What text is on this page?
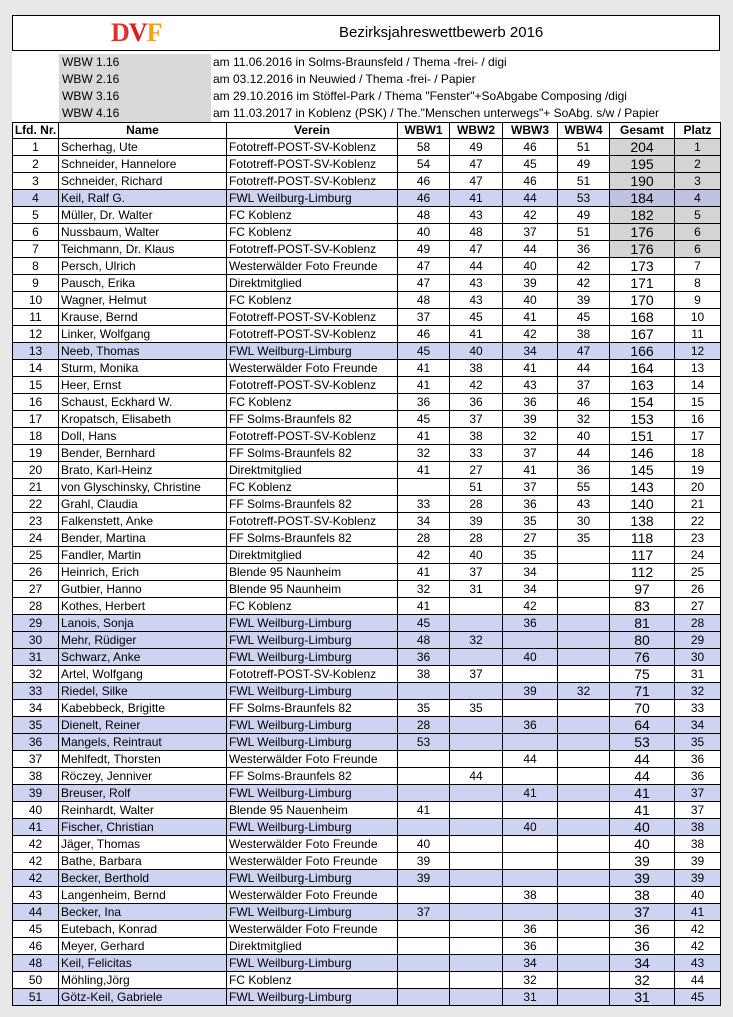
DVF	Bezirksjahreswettbewerb 2016
WBW 1.16	am 11.06.2016 in Solms-Braunsfeld / Thema -frei- / digi
WBW 2.16	am 03.12.2016 in Neuwied / Thema -frei- / Papier
WBW 3.16	am 29.10.2016 im Stöffel-Park / Thema "Fenster"+SoAbgabe Composing /digi
WBW 4.16	am 11.03.2017 in Koblenz (PSK) / The."Menschen unterwegs"+ SoAbg. s/w / Papier
Lfd. Nr.	Name	Verein	WBW1	WBW2	WBW3	WBW4	Gesamt	Platz
1	Scherhag, Ute	Fototreff-POST-SV-Koblenz	58	49	46	51	204	1
2	Schneider, Hannelore	Fototreff-POST-SV-Koblenz	54	47	45	49	195	2
3	Schneider, Richard	Fototreff-POST-SV-Koblenz	46	47	46	51	190	3
4	Keil, Ralf G.	FWL Weilburg-Limburg	46	41	44	53	184	4
5	Müller, Dr. Walter	FC Koblenz	48	43	42	49	182	5
6	Nussbaum, Walter	FC Koblenz	40	48	37	51	176	6
7	Teichmann, Dr. Klaus	Fototreff-POST-SV-Koblenz	49	47	44	36	176	6
8	Persch, Ulrich	Westerwälder Foto Freunde	47	44	40	42	173	7
9	Pausch, Erika	Direktmitglied	47	43	39	42	171	8
10	Wagner, Helmut	FC Koblenz	48	43	40	39	170	9
11	Krause, Bernd	Fototreff-POST-SV-Koblenz	37	45	41	45	168	10
12	Linker, Wolfgang	Fototreff-POST-SV-Koblenz	46	41	42	38	167	11
13	Neeb, Thomas	FWL Weilburg-Limburg	45	40	34	47	166	12
14	Sturm, Monika	Westerwälder Foto Freunde	41	38	41	44	164	13
15	Heer, Ernst	Fototreff-POST-SV-Koblenz	41	42	43	37	163	14
16	Schaust, Eckhard W.	FC Koblenz	36	36	36	46	154	15
17	Kropatsch, Elisabeth	FF Solms-Braunfels 82	45	37	39	32	153	16
18	Doll, Hans	Fototreff-POST-SV-Koblenz	41	38	32	40	151	17
19	Bender, Bernhard	FF Solms-Braunfels 82	32	33	37	44	146	18
20	Brato, Karl-Heinz	Direktmitglied	41	27	41	36	145	19
21	von Glyschinsky, Christine	FC Koblenz		51	37	55	143	20
22	Grahl, Claudia	FF Solms-Braunfels 82	33	28	36	43	140	21
23	Falkenstett, Anke	Fototreff-POST-SV-Koblenz	34	39	35	30	138	22
24	Bender, Martina	FF Solms-Braunfels 82	28	28	27	35	118	23
25	Fandler, Martin	Direktmitglied	42	40	35		117	24
26	Heinrich, Erich	Blende 95 Naunheim	41	37	34		112	25
27	Gutbier, Hanno	Blende 95 Naunheim	32	31	34		97	26
28	Kothes, Herbert	FC Koblenz	41		42		83	27
29	Lanois, Sonja	FWL Weilburg-Limburg	45		36		81	28
30	Mehr, Rüdiger	FWL Weilburg-Limburg	48	32			80	29
31	Schwarz, Anke	FWL Weilburg-Limburg	36		40		76	30
32	Artel, Wolfgang	Fototreff-POST-SV-Koblenz	38	37			75	31
33	Riedel, Silke	FWL Weilburg-Limburg			39	32	71	32
34	Kabebbeck, Brigitte	FF Solms-Braunfels 82	35	35			70	33
35	Dienelt, Reiner	FWL Weilburg-Limburg	28		36		64	34
36	Mangels, Reintraut	FWL Weilburg-Limburg	53				53	35
37	Mehlfedt, Thorsten	Westerwälder Foto Freunde			44		44	36
38	Röczey, Jenniver	FF Solms-Braunfels 82		44			44	36
39	Breuser, Rolf	FWL Weilburg-Limburg			41		41	37
40	Reinhardt, Walter	Blende 95 Nauenheim	41				41	37
41	Fischer, Christian	FWL Weilburg-Limburg			40		40	38
42	Jäger, Thomas	Westerwälder Foto Freunde	40				40	38
42	Bathe, Barbara	Westerwälder Foto Freunde	39				39	39
42	Becker, Berthold	FWL Weilburg-Limburg	39				39	39
43	Langenheim, Bernd	Westerwälder Foto Freunde			38		38	40
44	Becker, Ina	FWL Weilburg-Limburg	37				37	41
45	Eutebach, Konrad	Westerwälder Foto Freunde			36		36	42
46	Meyer, Gerhard	Direktmitglied			36		36	42
48	Keil, Felicitas	FWL Weilburg-Limburg			34		34	43
50	Möhling,Jörg	FC Koblenz			32		32	44
51	Götz-Keil, Gabriele	FWL Weilburg-Limburg			31		31	45
